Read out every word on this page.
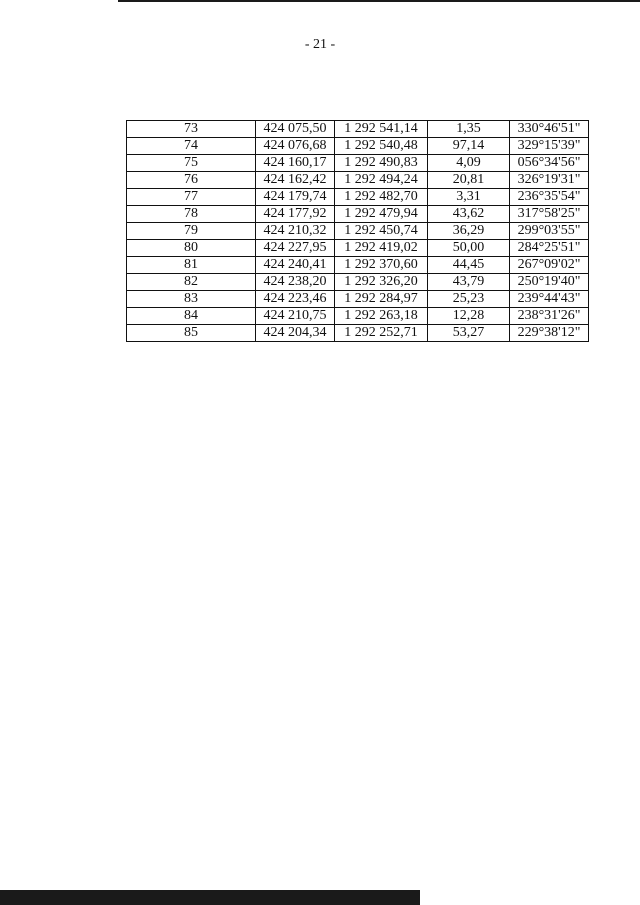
- 21 -
73	424 075,50	1 292 541,14	1,35	330°46'51"
74	424 076,68	1 292 540,48	97,14	329°15'39"
75	424 160,17	1 292 490,83	4,09	056°34'56"
76	424 162,42	1 292 494,24	20,81	326°19'31"
77	424 179,74	1 292 482,70	3,31	236°35'54"
78	424 177,92	1 292 479,94	43,62	317°58'25"
79	424 210,32	1 292 450,74	36,29	299°03'55"
80	424 227,95	1 292 419,02	50,00	284°25'51"
81	424 240,41	1 292 370,60	44,45	267°09'02"
82	424 238,20	1 292 326,20	43,79	250°19'40"
83	424 223,46	1 292 284,97	25,23	239°44'43"
84	424 210,75	1 292 263,18	12,28	238°31'26"
85	424 204,34	1 292 252,71	53,27	229°38'12"
